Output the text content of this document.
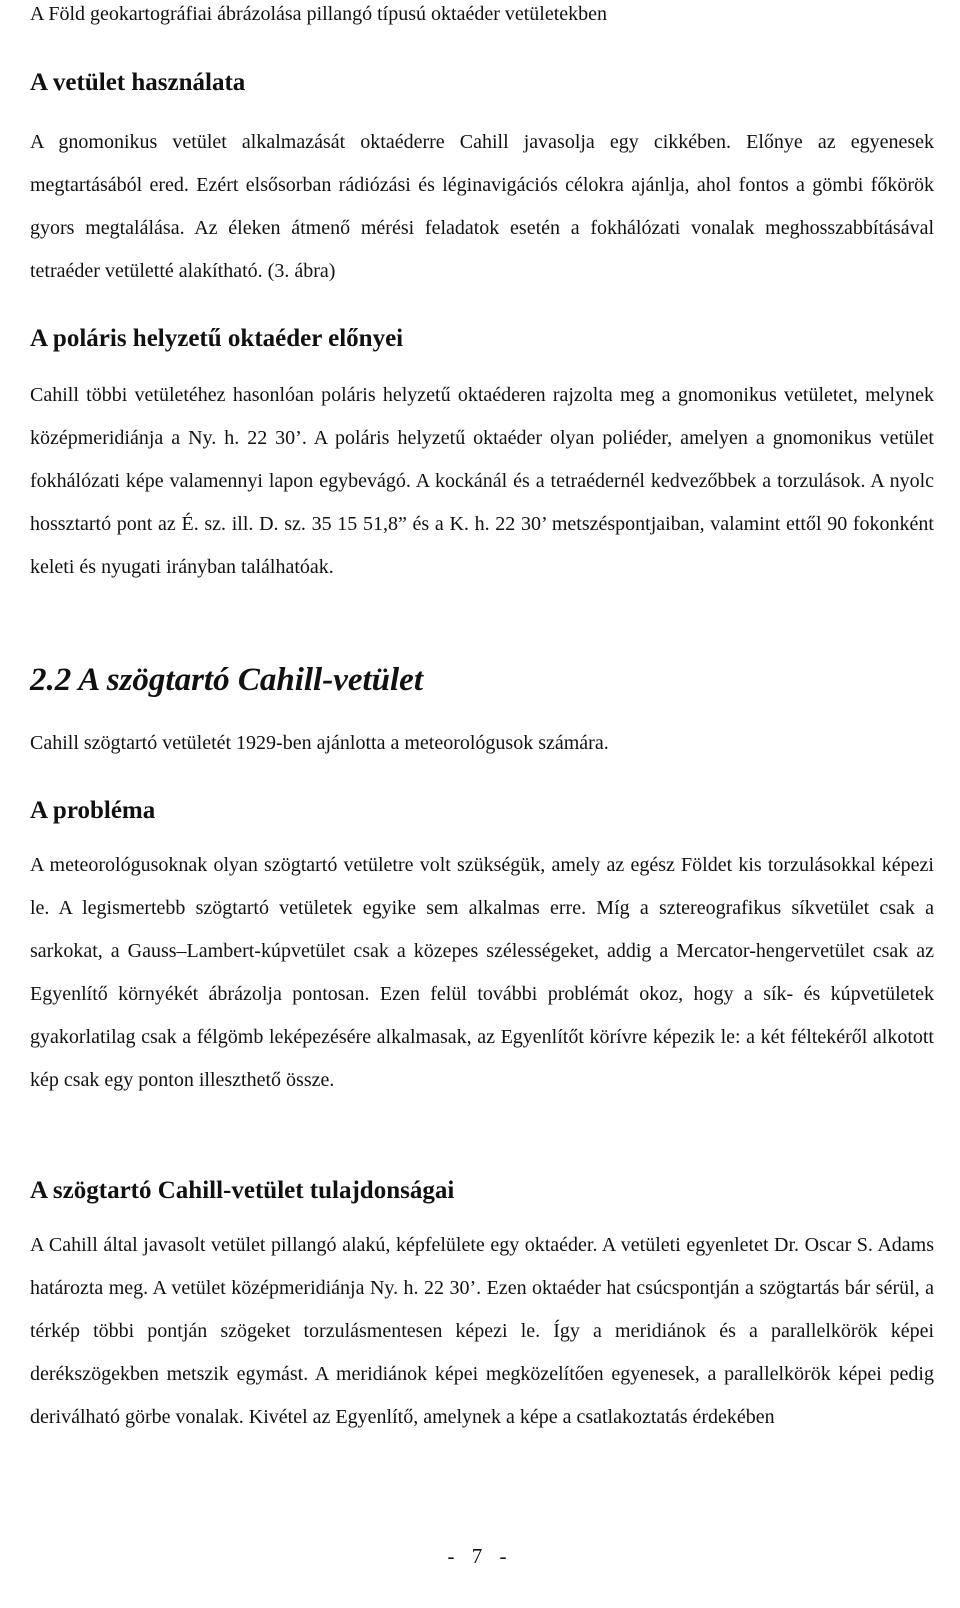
A Föld geokartográfiai ábrázolása pillangó típusú oktaéder vetületekben
A vetület használata

A gnomonikus vetület alkalmazását oktaéderre Cahill javasolja egy cikkében. Előnye az egyenesek megtartásából ered. Ezért elsősorban rádiózási és léginavigációs célokra ajánlja, ahol fontos a gömbi főkörök gyors megtalálása. Az éleken átmenő mérési feladatok esetén a fokhálózati vonalak meghosszabbításával tetraéder vetületté alakítható. (3. ábra)

A poláris helyzetű oktaéder előnyei

Cahill többi vetületéhez hasonlóan poláris helyzetű oktaéderen rajzolta meg a gnomonikus vetületet, melynek középmeridiánja a Ny. h. 22 30’. A poláris helyzetű oktaéder olyan poliéder, amelyen a gnomonikus vetület fokhálózati képe valamennyi lapon egybevágó. A kockánál és a tetraédernél kedvezőbbek a torzulások. A nyolc hossztartó pont az É. sz. ill. D. sz. 35 15 51,8” és a K. h. 22 30’ metszéspontjaiban, valamint ettől 90 fokonként keleti és nyugati irányban találhatóak.

2.2 A szögtartó Cahill-vetület

Cahill szögtartó vetületét 1929-ben ajánlotta a meteorológusok számára.

A probléma

A meteorológusoknak olyan szögtartó vetületre volt szükségük, amely az egész Földet kis torzulásokkal képezi le. A legismertebb szögtartó vetületek egyike sem alkalmas erre. Míg a sztereografikus síkvetület csak a sarkokat, a Gauss–Lambert-kúpvetület csak a közepes szélességeket, addig a Mercator-hengervetület csak az Egyenlítő környékét ábrázolja pontosan. Ezen felül további problémát okoz, hogy a sík- és kúpvetületek gyakorlatilag csak a félgömb leképezésére alkalmasak, az Egyenlítőt körívre képezik le: a két féltekéről alkotott kép csak egy ponton illeszthető össze.

A szögtartó Cahill-vetület tulajdonságai

A Cahill által javasolt vetület pillangó alakú, képfelülete egy oktaéder. A vetületi egyenletet Dr. Oscar S. Adams határozta meg. A vetület középmeridiánja Ny. h. 22 30’. Ezen oktaéder hat csúcspontján a szögtartás bár sérül, a térkép többi pontján szögeket torzulásmentesen képezi le. Így a meridiánok és a parallelkörök képei derékszögekben metszik egymást. A meridiánok képei megközelítően egyenesek, a parallelkörök képei pedig deriválható görbe vonalak. Kivétel az Egyenlítő, amelynek a képe a csatlakoztatás érdekében

- 7 -
